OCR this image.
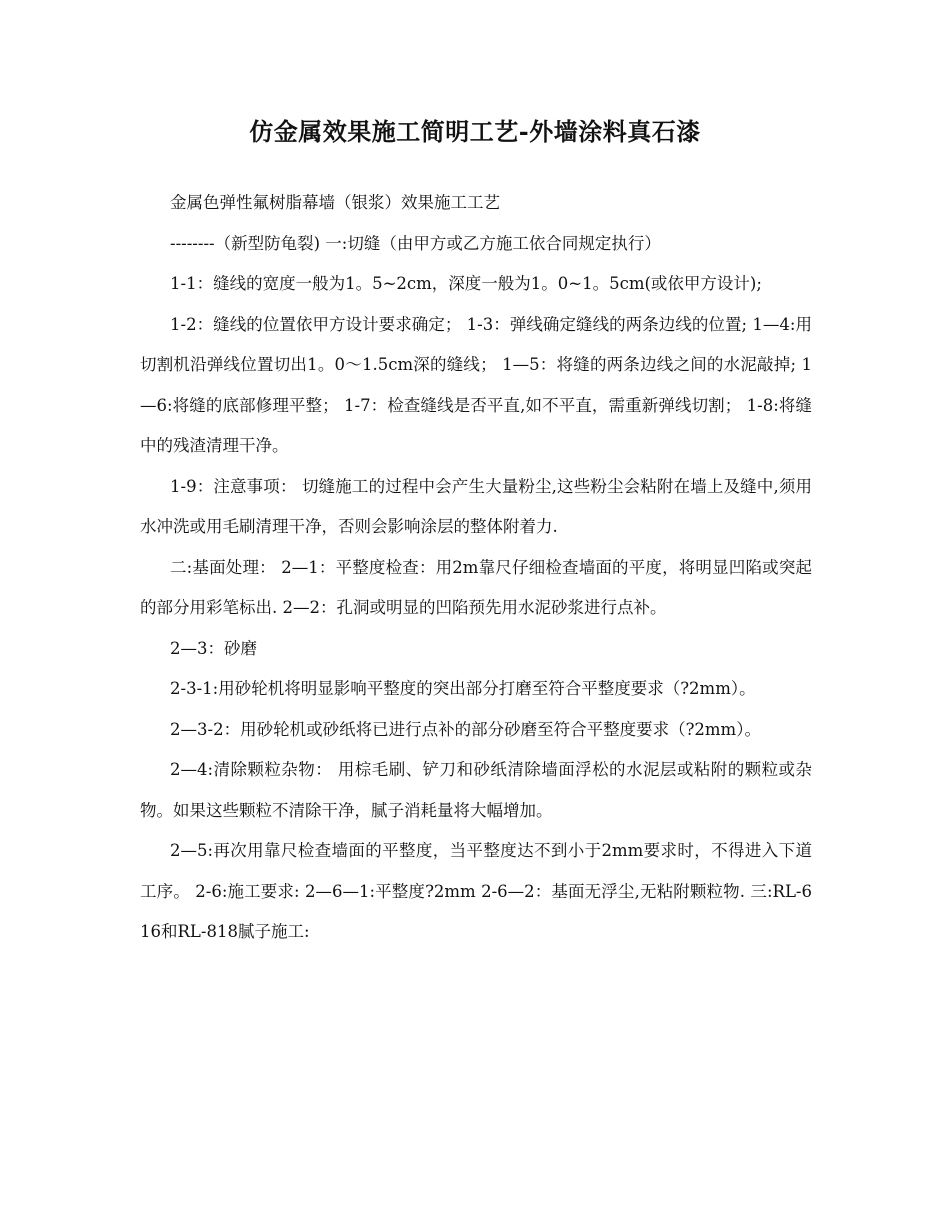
仿金属效果施工简明工艺-外墙涂料真石漆

金属色弹性氟树脂幕墙（银浆）效果施工工艺

--------（新型防龟裂) 一:切缝（由甲方或乙方施工依合同规定执行）

1-1：缝线的宽度一般为1。5~2cm，深度一般为1。0~1。5cm(或依甲方设计);

1-2：缝线的位置依甲方设计要求确定； 1-3：弹线确定缝线的两条边线的位置; 1—4:用切割机沿弹线位置切出1。0～1.5cm深的缝线； 1—5：将缝的两条边线之间的水泥敲掉; 1—6:将缝的底部修理平整； 1-7：检查缝线是否平直,如不平直，需重新弹线切割； 1-8:将缝中的残渣清理干净。

1-9：注意事项： 切缝施工的过程中会产生大量粉尘,这些粉尘会粘附在墙上及缝中,须用水冲洗或用毛刷清理干净，否则会影响涂层的整体附着力.

二:基面处理： 2—1：平整度检查：用2m靠尺仔细检查墙面的平度，将明显凹陷或突起的部分用彩笔标出. 2—2：孔洞或明显的凹陷预先用水泥砂浆进行点补。

2—3：砂磨

2-3-1:用砂轮机将明显影响平整度的突出部分打磨至符合平整度要求（?2mm）。

2—3-2：用砂轮机或砂纸将已进行点补的部分砂磨至符合平整度要求（?2mm）。

2—4:清除颗粒杂物： 用棕毛刷、铲刀和砂纸清除墙面浮松的水泥层或粘附的颗粒或杂物。如果这些颗粒不清除干净，腻子消耗量将大幅增加。

2—5:再次用靠尺检查墙面的平整度，当平整度达不到小于2mm要求时，不得进入下道工序。 2-6:施工要求: 2—6—1:平整度?2mm 2-6—2：基面无浮尘,无粘附颗粒物. 三:RL-616和RL-818腻子施工:
